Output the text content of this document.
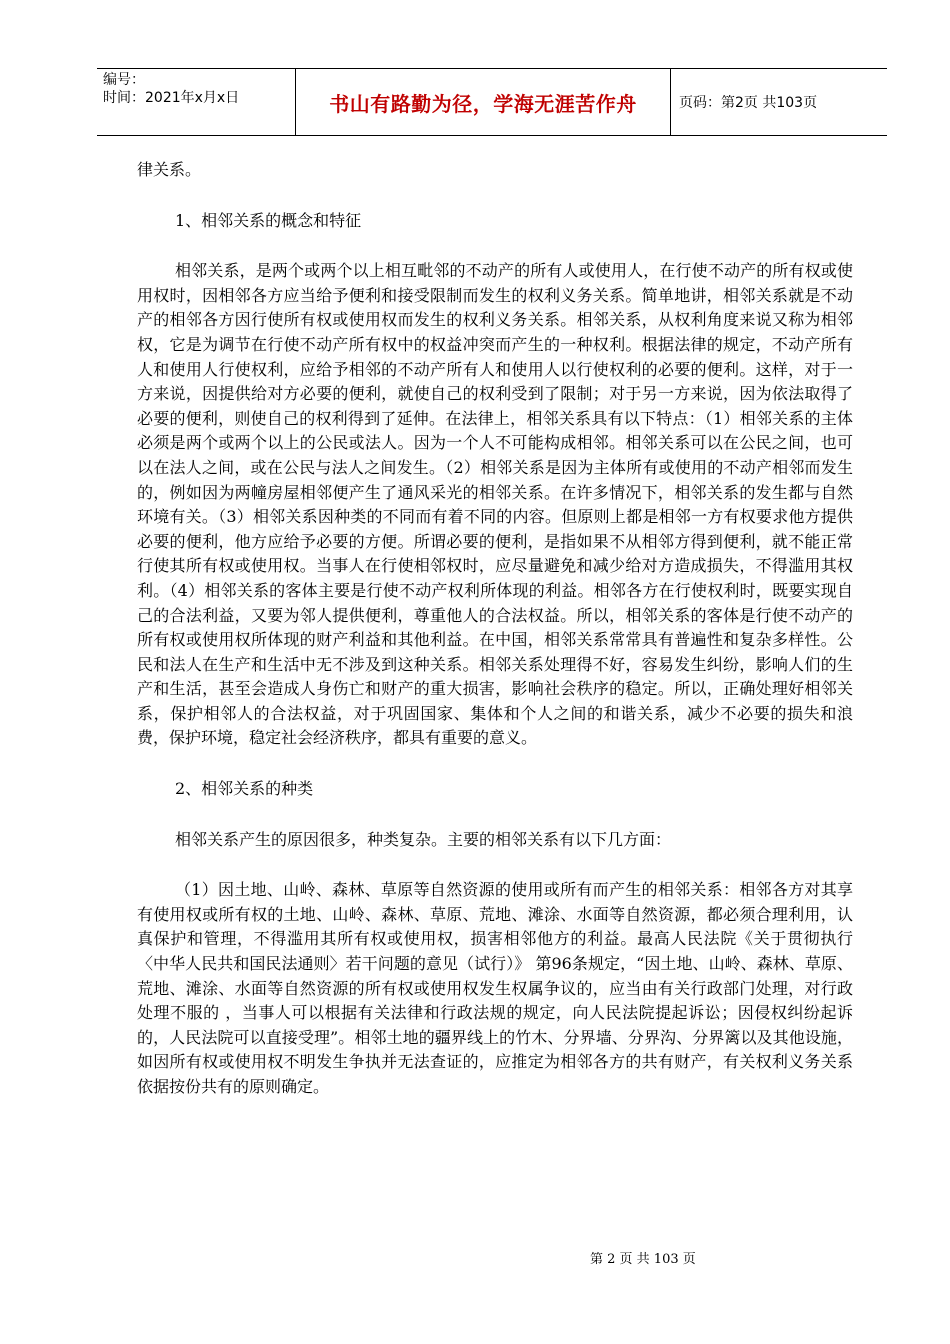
编号：
时间：2021年x月x日	书山有路勤为径，学海无涯苦作舟	页码：第2页 共103页

律关系。

1、相邻关系的概念和特征

相邻关系，是两个或两个以上相互毗邻的不动产的所有人或使用人，在行使不动产的所有权或使用权时，因相邻各方应当给予便利和接受限制而发生的权利义务关系。简单地讲，相邻关系就是不动产的相邻各方因行使所有权或使用权而发生的权利义务关系。相邻关系，从权利角度来说又称为相邻权，它是为调节在行使不动产所有权中的权益冲突而产生的一种权利。根据法律的规定，不动产所有人和使用人行使权利，应给予相邻的不动产所有人和使用人以行使权利的必要的便利。这样，对于一方来说，因提供给对方必要的便利，就使自己的权利受到了限制；对于另一方来说，因为依法取得了必要的便利，则使自己的权利得到了延伸。在法律上，相邻关系具有以下特点：（1）相邻关系的主体必须是两个或两个以上的公民或法人。因为一个人不可能构成相邻。相邻关系可以在公民之间，也可以在法人之间，或在公民与法人之间发生。（2）相邻关系是因为主体所有或使用的不动产相邻而发生的，例如因为两幢房屋相邻便产生了通风采光的相邻关系。在许多情况下，相邻关系的发生都与自然环境有关。（3）相邻关系因种类的不同而有着不同的内容。但原则上都是相邻一方有权要求他方提供必要的便利，他方应给予必要的方便。所谓必要的便利，是指如果不从相邻方得到便利，就不能正常行使其所有权或使用权。当事人在行使相邻权时，应尽量避免和减少给对方造成损失，不得滥用其权利。（4）相邻关系的客体主要是行使不动产权利所体现的利益。相邻各方在行使权利时，既要实现自己的合法利益，又要为邻人提供便利，尊重他人的合法权益。所以，相邻关系的客体是行使不动产的所有权或使用权所体现的财产利益和其他利益。在中国，相邻关系常常具有普遍性和复杂多样性。公民和法人在生产和生活中无不涉及到这种关系。相邻关系处理得不好，容易发生纠纷，影响人们的生产和生活，甚至会造成人身伤亡和财产的重大损害，影响社会秩序的稳定。所以，正确处理好相邻关系，保护相邻人的合法权益，对于巩固国家、集体和个人之间的和谐关系，减少不必要的损失和浪费，保护环境，稳定社会经济秩序，都具有重要的意义。

2、相邻关系的种类

相邻关系产生的原因很多，种类复杂。主要的相邻关系有以下几方面：

（1）因土地、山岭、森林、草原等自然资源的使用或所有而产生的相邻关系：相邻各方对其享有使用权或所有权的土地、山岭、森林、草原、荒地、滩涂、水面等自然资源，都必须合理利用，认真保护和管理，不得滥用其所有权或使用权，损害相邻他方的利益。最高人民法院《关于贯彻执行〈中华人民共和国民法通则〉若干问题的意见（试行）》 第96条规定，“因土地、山岭、森林、草原、荒地、滩涂、水面等自然资源的所有权或使用权发生权属争议的，应当由有关行政部门处理，对行政处理不服的 ，当事人可以根据有关法律和行政法规的规定，向人民法院提起诉讼；因侵权纠纷起诉的，人民法院可以直接受理”。相邻土地的疆界线上的竹木、分界墙、分界沟、分界篱以及其他设施，如因所有权或使用权不明发生争执并无法查证的，应推定为相邻各方的共有财产，有关权利义务关系依据按份共有的原则确定。

第 2 页 共 103 页
